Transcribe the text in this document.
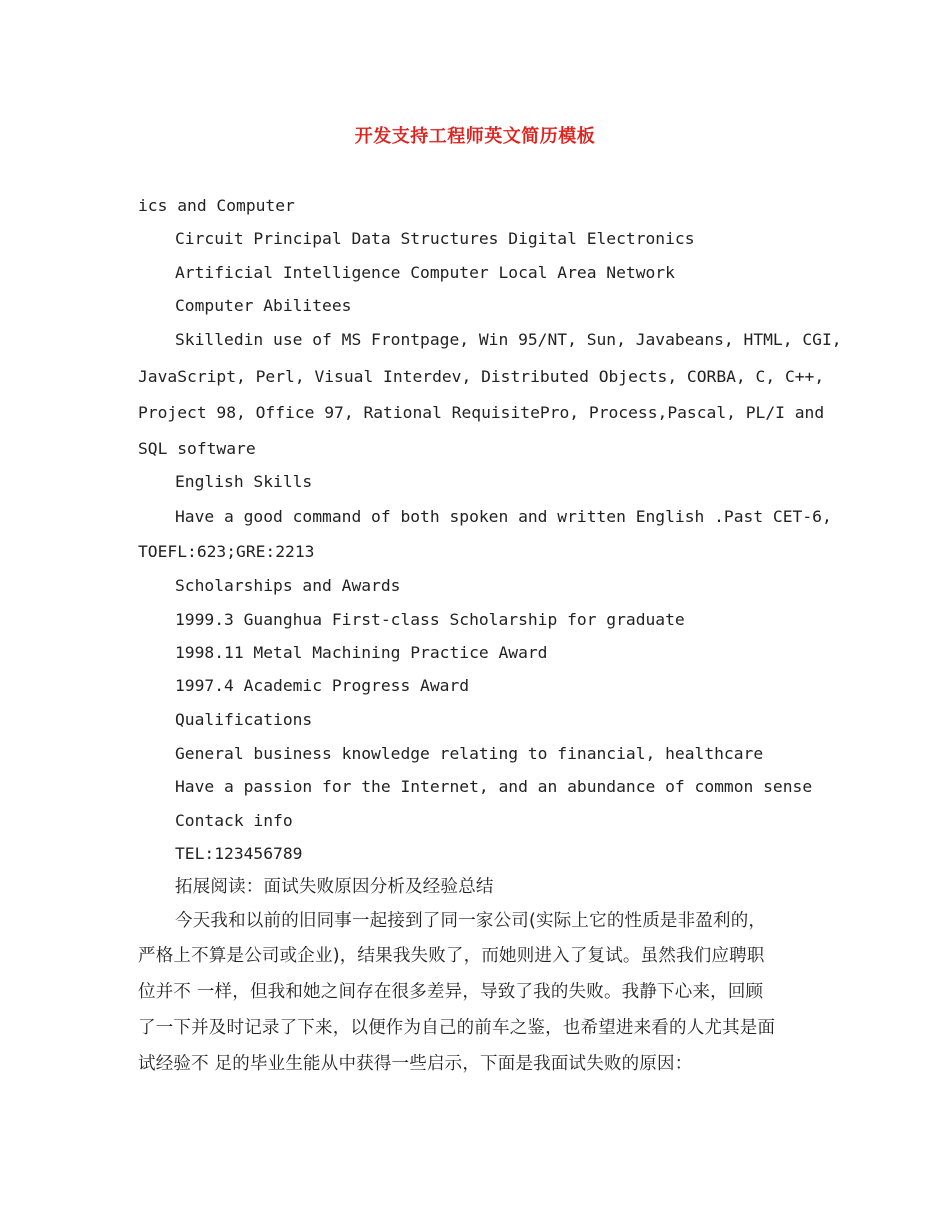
开发支持工程师英文简历模板
ics and Computer
Circuit Principal Data Structures Digital Electronics
Artificial Intelligence Computer Local Area Network
Computer Abilitees
Skilledin use of MS Frontpage, Win 95/NT, Sun, Javabeans, HTML, CGI,
JavaScript, Perl, Visual Interdev, Distributed Objects, CORBA, C, C++,
Project 98, Office 97, Rational RequisitePro, Process,Pascal, PL/I and
SQL software
English Skills
Have a good command of both spoken and written English .Past CET-6,
TOEFL:623;GRE:2213
Scholarships and Awards
1999.3 Guanghua First-class Scholarship for graduate
1998.11 Metal Machining Practice Award
1997.4 Academic Progress Award
Qualifications
General business knowledge relating to financial, healthcare
Have a passion for the Internet, and an abundance of common sense
Contack info
TEL:123456789
拓展阅读：面试失败原因分析及经验总结
今天我和以前的旧同事一起接到了同一家公司(实际上它的性质是非盈利的，
严格上不算是公司或企业)，结果我失败了，而她则进入了复试。虽然我们应聘职
位并不 一样，但我和她之间存在很多差异，导致了我的失败。我静下心来，回顾
了一下并及时记录了下来，以便作为自己的前车之鉴，也希望进来看的人尤其是面
试经验不 足的毕业生能从中获得一些启示，下面是我面试失败的原因：
